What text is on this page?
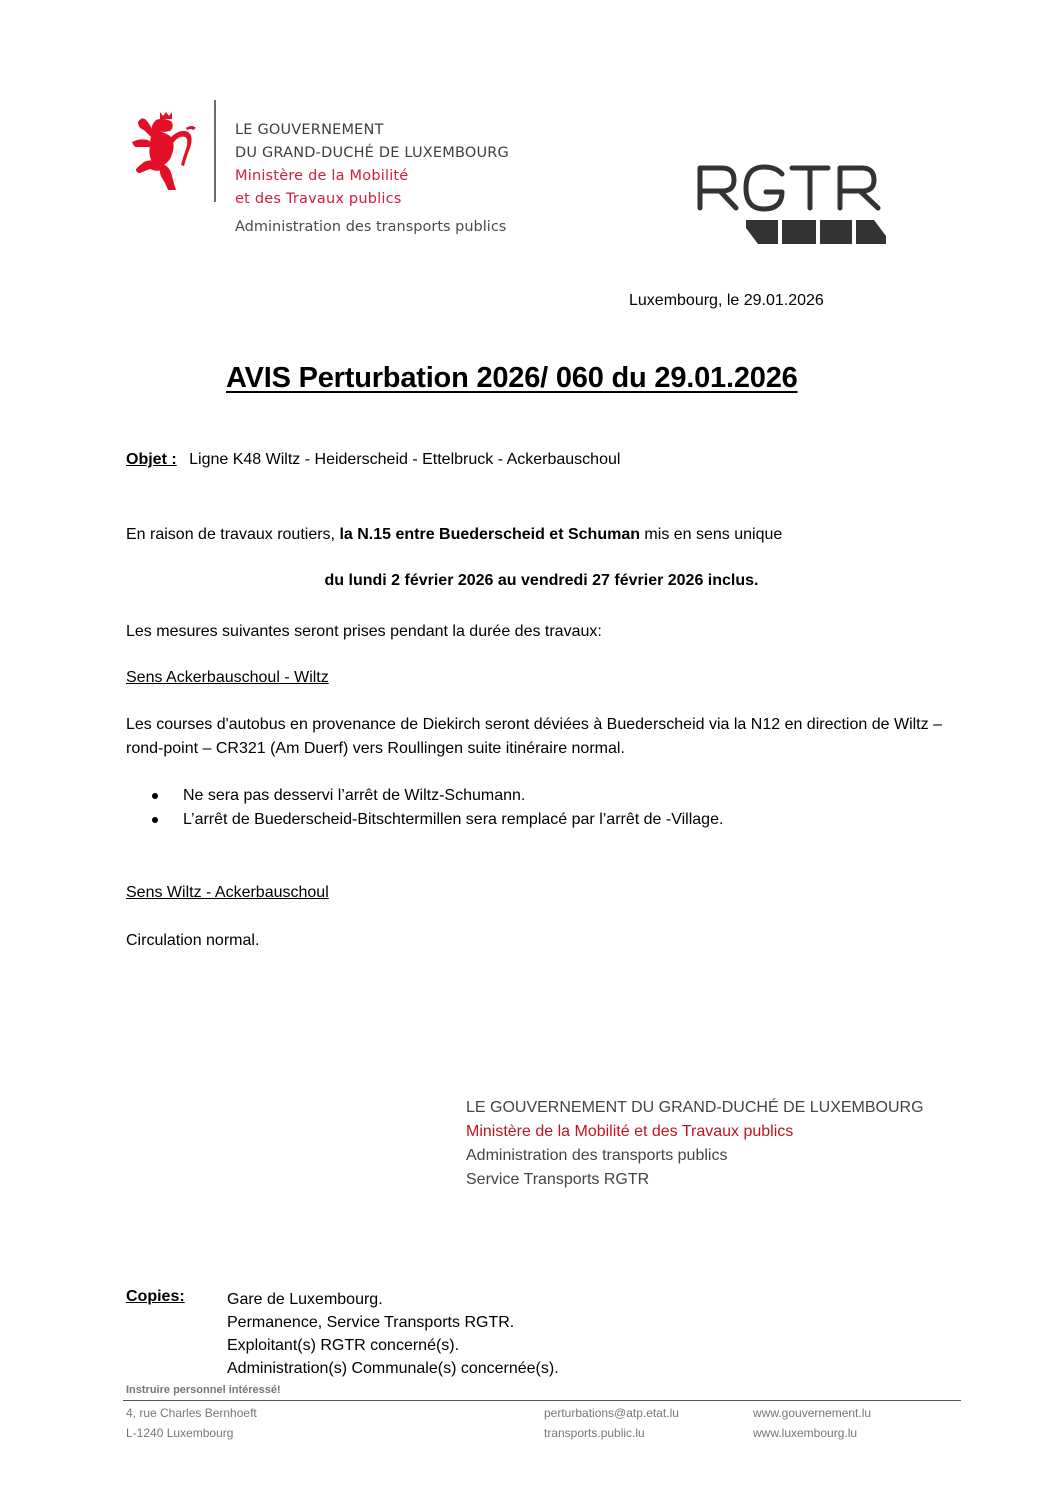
LE GOUVERNEMENT
DU GRAND-DUCHÉ DE LUXEMBOURG
Ministère de la Mobilité
et des Travaux publics
Administration des transports publics
RGTR
Luxembourg, le 29.01.2026
AVIS Perturbation 2026/ 060 du 29.01.2026
Objet : Ligne K48 Wiltz - Heiderscheid - Ettelbruck - Ackerbauschoul
En raison de travaux routiers, la N.15 entre Buederscheid et Schuman mis en sens unique
du lundi 2 février 2026 au vendredi 27 février 2026 inclus.
Les mesures suivantes seront prises pendant la durée des travaux:
Sens Ackerbauschoul - Wiltz
Les courses d'autobus en provenance de Diekirch seront déviées à Buederscheid via la N12 en direction de Wiltz – rond-point – CR321 (Am Duerf) vers Roullingen suite itinéraire normal.
Ne sera pas desservi l’arrêt de Wiltz-Schumann.
L’arrêt de Buederscheid-Bitschtermillen sera remplacé par l’arrêt de -Village.
Sens Wiltz - Ackerbauschoul
Circulation normal.
LE GOUVERNEMENT DU GRAND-DUCHÉ DE LUXEMBOURG
Ministère de la Mobilité et des Travaux publics
Administration des transports publics
Service Transports RGTR
Copies:	Gare de Luxembourg.
Permanence, Service Transports RGTR.
Exploitant(s) RGTR concerné(s).
Administration(s) Communale(s) concernée(s).
Instruire personnel intéressé!
4, rue Charles Bernhoeft
L-1240 Luxembourg
perturbations@atp.etat.lu
transports.public.lu
www.gouvernement.lu
www.luxembourg.lu
